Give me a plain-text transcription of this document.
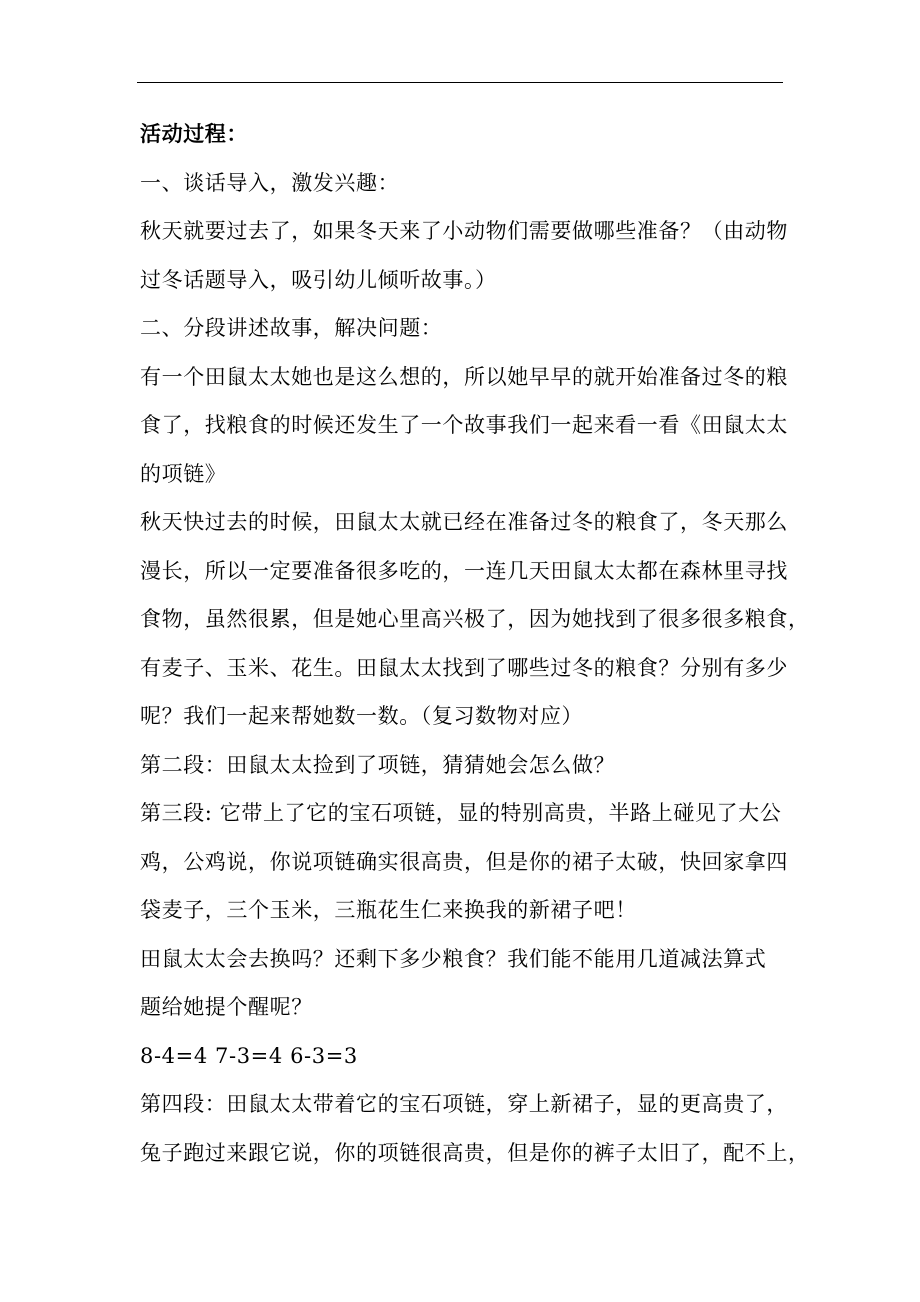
活动过程：
一、谈话导入，激发兴趣：
秋天就要过去了，如果冬天来了小动物们需要做哪些准备？（由动物
过冬话题导入，吸引幼儿倾听故事。）
二、分段讲述故事，解决问题：
有一个田鼠太太她也是这么想的，所以她早早的就开始准备过冬的粮
食了，找粮食的时候还发生了一个故事我们一起来看一看《田鼠太太
的项链》
秋天快过去的时候，田鼠太太就已经在准备过冬的粮食了，冬天那么
漫长，所以一定要准备很多吃的，一连几天田鼠太太都在森林里寻找
食物，虽然很累，但是她心里高兴极了，因为她找到了很多很多粮食，
有麦子、玉米、花生。田鼠太太找到了哪些过冬的粮食？分别有多少
呢？我们一起来帮她数一数。（复习数物对应）
第二段：田鼠太太捡到了项链，猜猜她会怎么做？
第三段: 它带上了它的宝石项链，显的特别高贵，半路上碰见了大公
鸡，公鸡说，你说项链确实很高贵，但是你的裙子太破，快回家拿四
袋麦子，三个玉米，三瓶花生仁来换我的新裙子吧！
田鼠太太会去换吗？还剩下多少粮食？我们能不能用几道减法算式
题给她提个醒呢？
8-4=4 7-3=4 6-3=3
第四段：田鼠太太带着它的宝石项链，穿上新裙子，显的更高贵了，
兔子跑过来跟它说，你的项链很高贵，但是你的裤子太旧了，配不上，
